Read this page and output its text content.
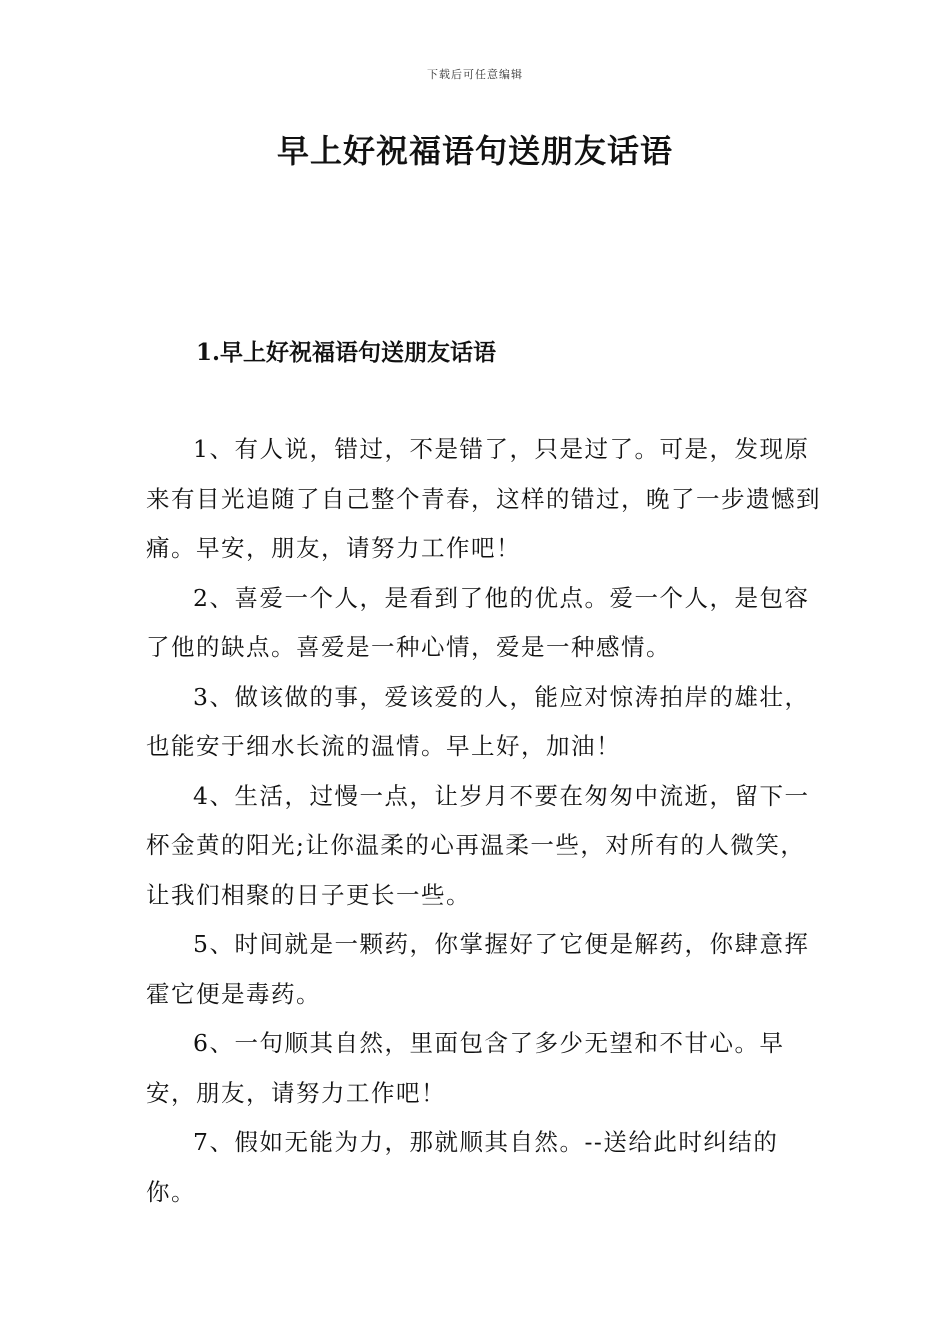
下载后可任意编辑
早上好祝福语句送朋友话语
1.早上好祝福语句送朋友话语

1、有人说，错过，不是错了，只是过了。可是，发现原来有目光追随了自己整个青春，这样的错过，晚了一步遗憾到痛。早安，朋友，请努力工作吧！

2、喜爱一个人，是看到了他的优点。爱一个人，是包容了他的缺点。喜爱是一种心情，爱是一种感情。

3、做该做的事，爱该爱的人，能应对惊涛拍岸的雄壮，也能安于细水长流的温情。早上好，加油！

4、生活，过慢一点，让岁月不要在匆匆中流逝，留下一杯金黄的阳光;让你温柔的心再温柔一些，对所有的人微笑，让我们相聚的日子更长一些。

5、时间就是一颗药，你掌握好了它便是解药，你肆意挥霍它便是毒药。

6、一句顺其自然，里面包含了多少无望和不甘心。早安，朋友，请努力工作吧！

7、假如无能为力，那就顺其自然。--送给此时纠结的你。
